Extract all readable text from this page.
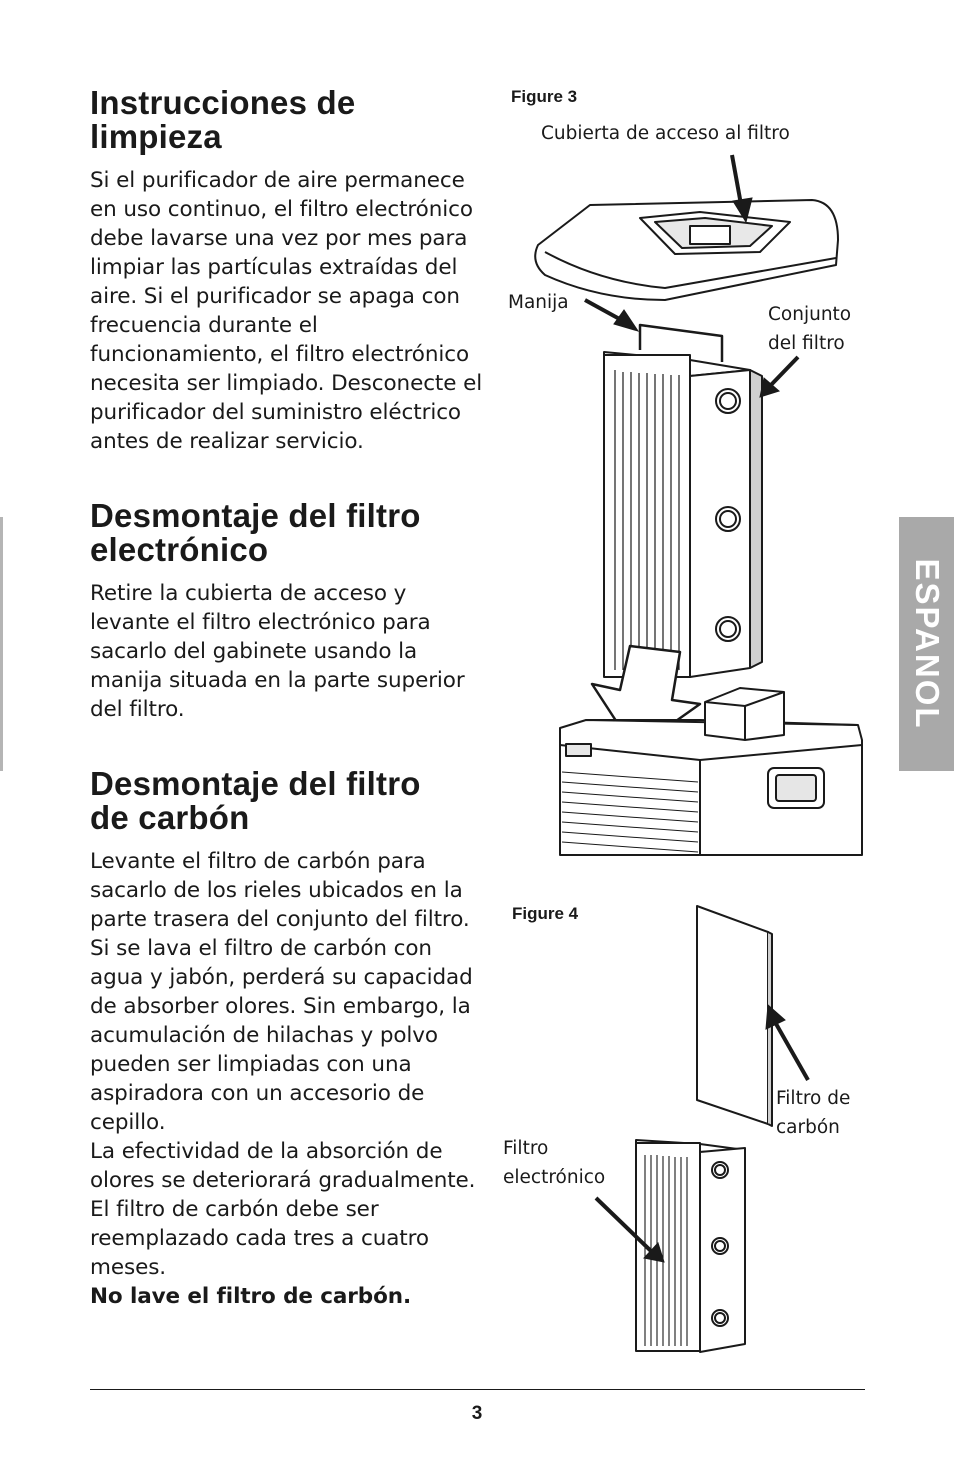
Instrucciones de
limpieza

Si el purificador de aire permanece en uso continuo, el filtro electrónico debe lavarse una vez por mes para limpiar las partículas extraídas del aire. Si el purificador se apaga con frecuencia durante el funcionamiento, el filtro electrónico necesita ser limpiado. Desconecte el purificador del suministro eléctrico antes de realizar servicio.

Desmontaje del filtro
electrónico

Retire la cubierta de acceso y levante el filtro electrónico para sacarlo del gabinete usando la manija situada en la parte superior del filtro.

Desmontaje del filtro
de carbón

Levante el filtro de carbón para sacarlo de los rieles ubicados en la parte trasera del conjunto del filtro.

Si se lava el filtro de carbón con agua y jabón, perderá su capacidad de absorber olores. Sin embargo, la acumulación de hilachas y polvo pueden ser limpiadas con una aspiradora con un accesorio de cepillo.

La efectividad de la absorción de olores se deteriorará gradualmente. El filtro de carbón debe ser reemplazado cada tres a cuatro meses.

No lave el filtro de carbón.

Figure 3
Cubierta de acceso al filtro
Manija
Conjunto
del filtro
Figure 4
Filtro de
carbón
Filtro
electrónico
ESPANOL
3
